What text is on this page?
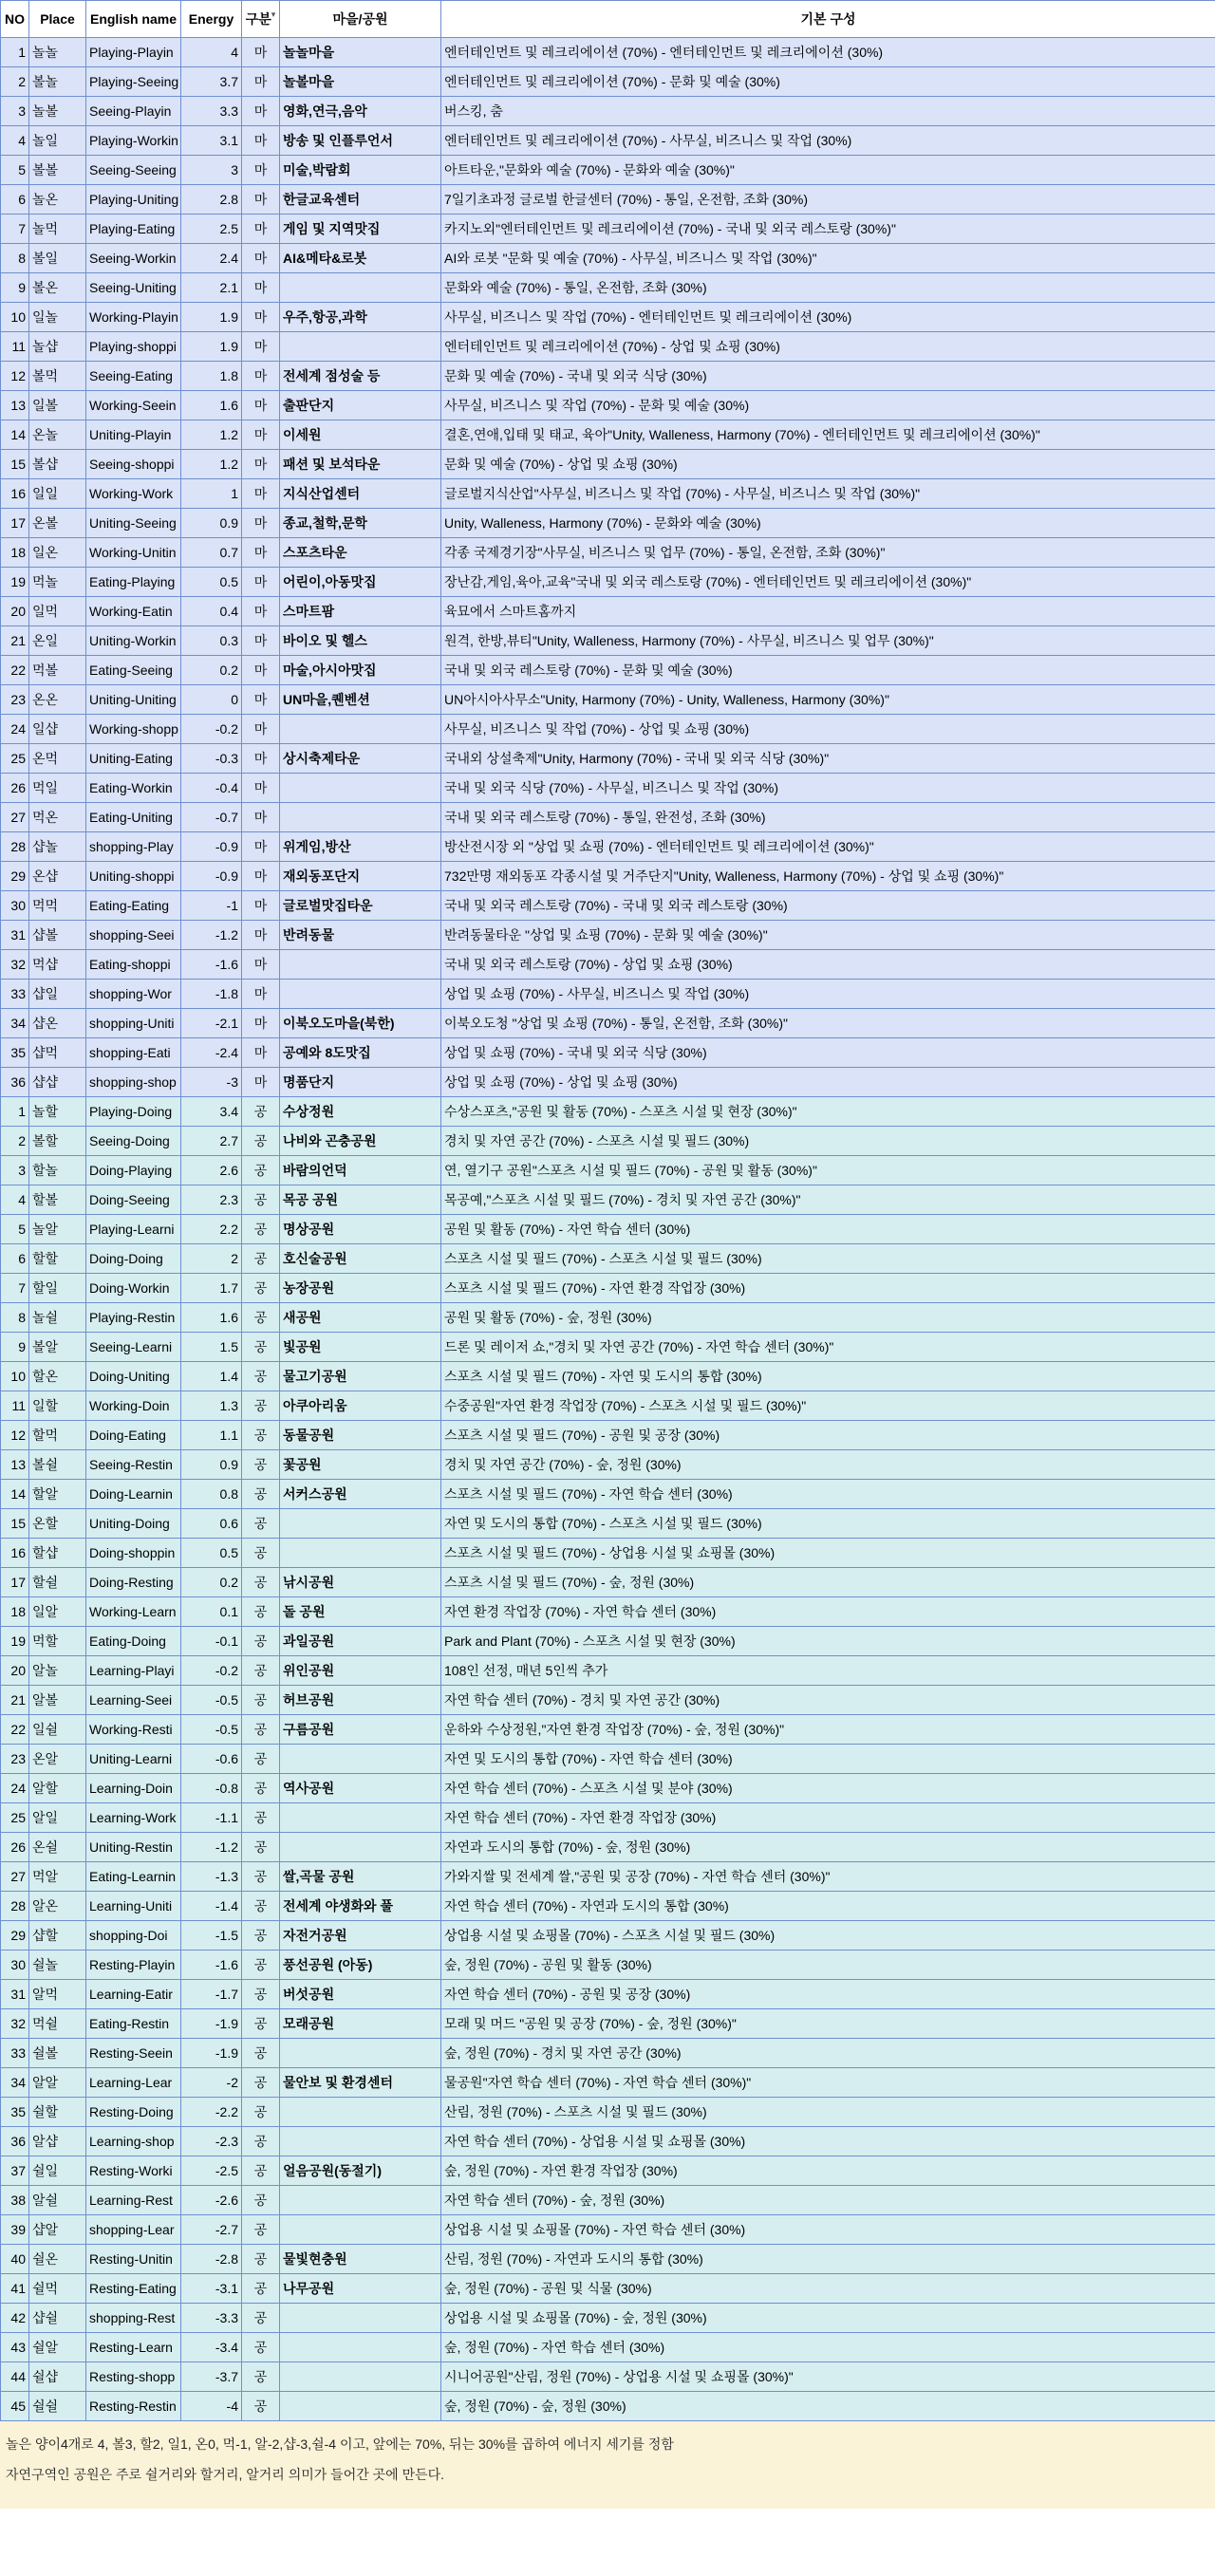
NO	Place	English name	Energy	구분▾	마을/공원	기본 구성
1	놀놀	Playing-Playin	4	마	놀놀마을	엔터테인먼트 및 레크리에이션 (70%) - 엔터테인먼트 및 레크리에이션 (30%)
2	볼놀	Playing-Seeing	3.7	마	놀볼마을	엔터테인먼트 및 레크리에이션 (70%) - 문화 및 예술 (30%)
3	놀볼	Seeing-Playin	3.3	마	영화,연극,음악	버스킹, 춤
4	놀일	Playing-Workin	3.1	마	방송 및 인플루언서	엔터테인먼트 및 레크리에이션 (70%) - 사무실, 비즈니스 및 작업 (30%)
5	볼볼	Seeing-Seeing	3	마	미술,박람회	아트타운,"문화와 예술 (70%) - 문화와 예술 (30%)"
6	놀온	Playing-Uniting	2.8	마	한글교육센터	7일기초과정 글로벌 한글센터 (70%) - 통일, 온전함, 조화 (30%)
7	놀먹	Playing-Eating	2.5	마	게임 및 지역맛집	카지노외"엔터테인먼트 및 레크리에이션 (70%) - 국내 및 외국 레스토랑 (30%)"
8	볼일	Seeing-Workin	2.4	마	AI&메타&로봇	AI와 로봇 "문화 및 예술 (70%) - 사무실, 비즈니스 및 작업 (30%)"
9	볼온	Seeing-Uniting	2.1	마		문화와 예술 (70%) - 통일, 온전함, 조화 (30%)
10	일놀	Working-Playin	1.9	마	우주,항공,과학	사무실, 비즈니스 및 작업 (70%) - 엔터테인먼트 및 레크리에이션 (30%)
11	놀샵	Playing-shoppi	1.9	마		엔터테인먼트 및 레크리에이션 (70%) - 상업 및 쇼핑 (30%)
12	볼먹	Seeing-Eating	1.8	마	전세계 점성술 등	문화 및 예술 (70%) - 국내 및 외국 식당 (30%)
13	일볼	Working-Seein	1.6	마	출판단지	사무실, 비즈니스 및 작업 (70%) - 문화 및 예술 (30%)
14	온놀	Uniting-Playin	1.2	마	이세원	결혼,연애,입태 및 태교, 육아"Unity, Walleness, Harmony (70%) - 엔터테인먼트 및 레크리에이션 (30%)"
15	볼샵	Seeing-shoppi	1.2	마	패션 및 보석타운	문화 및 예술 (70%) - 상업 및 쇼핑 (30%)
16	일일	Working-Work	1	마	지식산업센터	글로벌지식산업"사무실, 비즈니스 및 작업 (70%) - 사무실, 비즈니스 및 작업 (30%)"
17	온볼	Uniting-Seeing	0.9	마	종교,철학,문학	Unity, Walleness, Harmony (70%) - 문화와 예술 (30%)
18	일온	Working-Unitin	0.7	마	스포츠타운	각종 국제경기장"사무실, 비즈니스 및 업무 (70%) - 통일, 온전함, 조화 (30%)"
19	먹놀	Eating-Playing	0.5	마	어린이,아동맛집	장난감,게임,육아,교육"국내 및 외국 레스토랑 (70%) - 엔터테인먼트 및 레크리에이션 (30%)"
20	일먹	Working-Eatin	0.4	마	스마트팜	육묘에서 스마트홈까지
21	온일	Uniting-Workin	0.3	마	바이오 및 헬스	원격, 한방,뷰티"Unity, Walleness, Harmony (70%) - 사무실, 비즈니스 및 업무 (30%)"
22	먹볼	Eating-Seeing	0.2	마	마술,아시아맛집	국내 및 외국 레스토랑 (70%) - 문화 및 예술 (30%)
23	온온	Uniting-Uniting	0	마	UN마을,퀜벤션	UN아시아사무소"Unity, Harmony (70%) - Unity, Walleness, Harmony (30%)"
24	일샵	Working-shopp	-0.2	마		사무실, 비즈니스 및 작업 (70%) - 상업 및 쇼핑 (30%)
25	온먹	Uniting-Eating	-0.3	마	상시축제타운	국내외 상설축제"Unity, Harmony (70%) - 국내 및 외국 식당 (30%)"
26	먹일	Eating-Workin	-0.4	마		국내 및 외국 식당 (70%) - 사무실, 비즈니스 및 작업 (30%)
27	먹온	Eating-Uniting	-0.7	마		국내 및 외국 레스토랑 (70%) - 통일, 완전성, 조화 (30%)
28	샵놀	shopping-Play	-0.9	마	위게임,방산	방산전시장 외 "상업 및 쇼핑 (70%) - 엔터테인먼트 및 레크리에이션 (30%)"
29	온샵	Uniting-shoppi	-0.9	마	재외동포단지	732만명 재외동포 각종시설 및 거주단지"Unity, Walleness, Harmony (70%) - 상업 및 쇼핑 (30%)"
30	먹먹	Eating-Eating	-1	마	글로벌맛집타운	국내 및 외국 레스토랑 (70%) - 국내 및 외국 레스토랑 (30%)
31	샵볼	shopping-Seei	-1.2	마	반려동물	반려동물타운 "상업 및 쇼핑 (70%) - 문화 및 예술 (30%)"
32	먹샵	Eating-shoppi	-1.6	마		국내 및 외국 레스토랑 (70%) - 상업 및 쇼핑 (30%)
33	샵일	shopping-Wor	-1.8	마		상업 및 쇼핑 (70%) - 사무실, 비즈니스 및 작업 (30%)
34	샵온	shopping-Uniti	-2.1	마	이북오도마을(북한)	이북오도청 "상업 및 쇼핑 (70%) - 통일, 온전함, 조화 (30%)"
35	샵먹	shopping-Eati	-2.4	마	공예와 8도맛집	상업 및 쇼핑 (70%) - 국내 및 외국 식당 (30%)
36	샵샵	shopping-shop	-3	마	명품단지	상업 및 쇼핑 (70%) - 상업 및 쇼핑 (30%)
1	놀할	Playing-Doing	3.4	공	수상정원	수상스포츠,"공원 및 활동 (70%) - 스포츠 시설 및 현장 (30%)"
2	볼할	Seeing-Doing	2.7	공	나비와 곤충공원	경치 및 자연 공간 (70%) - 스포츠 시설 및 필드 (30%)
3	할놀	Doing-Playing	2.6	공	바람의언덕	연, 열기구 공원"스포츠 시설 및 필드 (70%) - 공원 및 활동 (30%)"
4	할볼	Doing-Seeing	2.3	공	목공 공원	목공예,"스포츠 시설 및 필드 (70%) - 경치 및 자연 공간 (30%)"
5	놀알	Playing-Learni	2.2	공	명상공원	공원 및 활동 (70%) - 자연 학습 센터 (30%)
6	할할	Doing-Doing	2	공	호신술공원	스포츠 시설 및 필드 (70%) - 스포츠 시설 및 필드 (30%)
7	할일	Doing-Workin	1.7	공	농장공원	스포츠 시설 및 필드 (70%) - 자연 환경 작업장 (30%)
8	놀쉴	Playing-Restin	1.6	공	새공원	공원 및 활동 (70%) - 숲, 정원 (30%)
9	볼알	Seeing-Learni	1.5	공	빛공원	드론 및 레이저 쇼,"경치 및 자연 공간 (70%) - 자연 학습 센터 (30%)"
10	할온	Doing-Uniting	1.4	공	물고기공원	스포츠 시설 및 필드 (70%) - 자연 및 도시의 통합 (30%)
11	일할	Working-Doin	1.3	공	아쿠아리움	수중공원"자연 환경 작업장 (70%) - 스포츠 시설 및 필드 (30%)"
12	할먹	Doing-Eating	1.1	공	동물공원	스포츠 시설 및 필드 (70%) - 공원 및 공장 (30%)
13	볼쉴	Seeing-Restin	0.9	공	꽃공원	경치 및 자연 공간 (70%) - 숲, 정원 (30%)
14	할알	Doing-Learnin	0.8	공	서커스공원	스포츠 시설 및 필드 (70%) - 자연 학습 센터 (30%)
15	온할	Uniting-Doing	0.6	공		자연 및 도시의 통합 (70%) - 스포츠 시설 및 필드 (30%)
16	할샵	Doing-shoppin	0.5	공		스포츠 시설 및 필드 (70%) - 상업용 시설 및 쇼핑몰 (30%)
17	할쉴	Doing-Resting	0.2	공	낚시공원	스포츠 시설 및 필드 (70%) - 숲, 정원 (30%)
18	일알	Working-Learn	0.1	공	돌 공원	자연 환경 작업장 (70%) - 자연 학습 센터 (30%)
19	먹할	Eating-Doing	-0.1	공	과일공원	Park and Plant (70%) - 스포츠 시설 및 현장 (30%)
20	알놀	Learning-Playi	-0.2	공	위인공원	108인 선정, 매년 5인씩 추가
21	알볼	Learning-Seei	-0.5	공	허브공원	자연 학습 센터 (70%) - 경치 및 자연 공간 (30%)
22	일쉴	Working-Resti	-0.5	공	구름공원	운하와 수상정원,"자연 환경 작업장 (70%) - 숲, 정원 (30%)"
23	온알	Uniting-Learni	-0.6	공		자연 및 도시의 통합 (70%) - 자연 학습 센터 (30%)
24	알할	Learning-Doin	-0.8	공	역사공원	자연 학습 센터 (70%) - 스포츠 시설 및 분야 (30%)
25	알일	Learning-Work	-1.1	공		자연 학습 센터 (70%) - 자연 환경 작업장 (30%)
26	온쉴	Uniting-Restin	-1.2	공		자연과 도시의 통합 (70%) - 숲, 정원 (30%)
27	먹알	Eating-Learnin	-1.3	공	쌀,곡물 공원	가와지쌀 및 전세계 쌀,"공원 및 공장 (70%) - 자연 학습 센터 (30%)"
28	알온	Learning-Uniti	-1.4	공	전세계 야생화와 풀	자연 학습 센터 (70%) - 자연과 도시의 통합 (30%)
29	샵할	shopping-Doi	-1.5	공	자전거공원	상업용 시설 및 쇼핑몰 (70%) - 스포츠 시설 및 필드 (30%)
30	쉴놀	Resting-Playin	-1.6	공	풍선공원 (아동)	숲, 정원 (70%) - 공원 및 활동 (30%)
31	알먹	Learning-Eatir	-1.7	공	버섯공원	자연 학습 센터 (70%) - 공원 및 공장 (30%)
32	먹쉴	Eating-Restin	-1.9	공	모래공원	모래 및 머드 "공원 및 공장 (70%) - 숲, 정원 (30%)"
33	쉴볼	Resting-Seein	-1.9	공		숲, 정원 (70%) - 경치 및 자연 공간 (30%)
34	알알	Learning-Lear	-2	공	물안보 및 환경센터	물공원"자연 학습 센터 (70%) - 자연 학습 센터 (30%)"
35	쉴할	Resting-Doing	-2.2	공		산림, 정원 (70%) - 스포츠 시설 및 필드 (30%)
36	알샵	Learning-shop	-2.3	공		자연 학습 센터 (70%) - 상업용 시설 및 쇼핑몰 (30%)
37	쉴일	Resting-Worki	-2.5	공	얼음공원(동절기)	숲, 정원 (70%) - 자연 환경 작업장 (30%)
38	알쉴	Learning-Rest	-2.6	공		자연 학습 센터 (70%) - 숲, 정원 (30%)
39	샵알	shopping-Lear	-2.7	공		상업용 시설 및 쇼핑몰 (70%) - 자연 학습 센터 (30%)
40	쉴온	Resting-Unitin	-2.8	공	물빛현충원	산림, 정원 (70%) - 자연과 도시의 통합 (30%)
41	쉴먹	Resting-Eating	-3.1	공	나무공원	숲, 정원 (70%) - 공원 및 식물 (30%)
42	샵쉴	shopping-Rest	-3.3	공		상업용 시설 및 쇼핑몰 (70%) - 숲, 정원 (30%)
43	쉴알	Resting-Learn	-3.4	공		숲, 정원 (70%) - 자연 학습 센터 (30%)
44	쉴샵	Resting-shopp	-3.7	공		시니어공원"산림, 정원 (70%) - 상업용 시설 및 쇼핑몰 (30%)"
45	쉴쉴	Resting-Restin	-4	공		숲, 정원 (70%) - 숲, 정원 (30%)
놀은 양이4개로 4, 볼3, 할2, 일1, 온0, 먹-1, 알-2,샵-3,쉴-4 이고, 앞에는 70%, 뒤는 30%를 곱하여 에너지 세기를 정함
자연구역인 공원은 주로 쉴거리와 할거리, 알거리 의미가 들어간 곳에 만든다.
